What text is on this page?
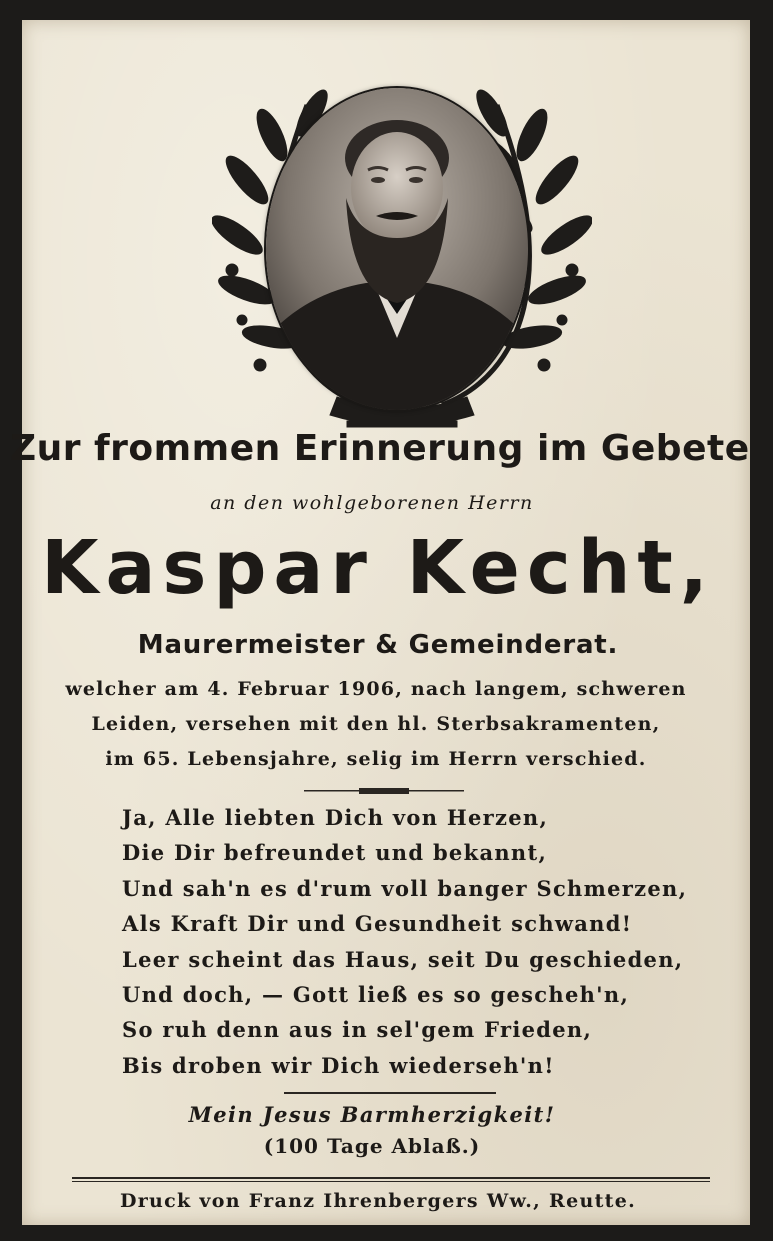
Zur frommen Erinnerung im Gebete
an den wohlgeborenen Herrn
Kaspar Kecht,
Maurermeister & Gemeinderat.
welcher am 4. Februar 1906, nach langem, schweren
Leiden, versehen mit den hl. Sterbsakramenten,
im 65. Lebensjahre, selig im Herrn verschied.
Ja, Alle liebten Dich von Herzen,
Die Dir befreundet und bekannt,
Und sah'n es d'rum voll banger Schmerzen,
Als Kraft Dir und Gesundheit schwand!
Leer scheint das Haus, seit Du geschieden,
Und doch, — Gott ließ es so gescheh'n,
So ruh denn aus in sel'gem Frieden,
Bis droben wir Dich wiederseh'n!
Mein Jesus Barmherzigkeit!
(100 Tage Ablaß.)
Druck von Franz Ihrenbergers Ww., Reutte.
